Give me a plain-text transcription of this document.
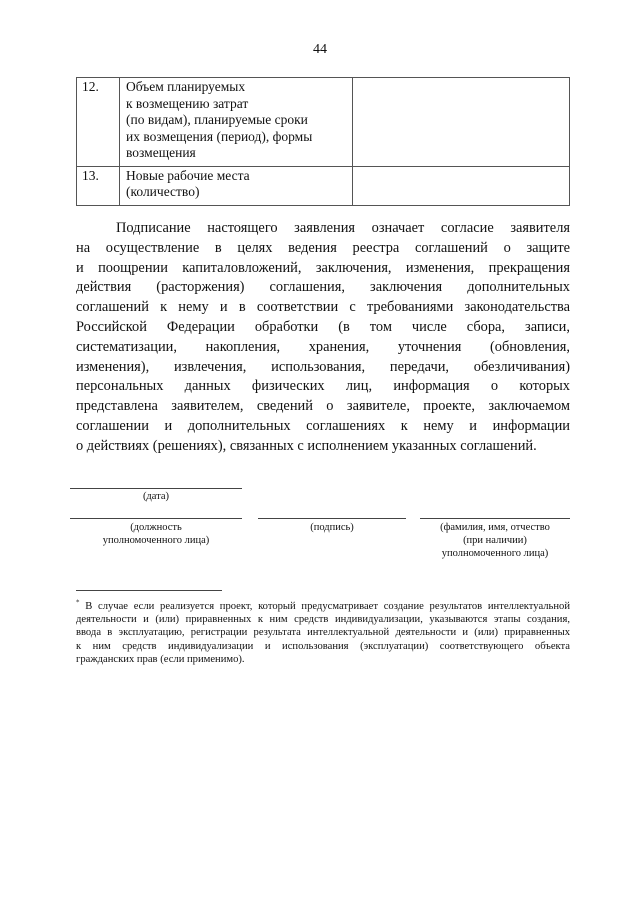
44
12.	Объем планируемых
к возмещению затрат
(по видам), планируемые сроки
их возмещения (период), формы
возмещения	

13.	Новые рабочие места
(количество)	

Подписание настоящего заявления означает согласие заявителя
на осуществление в целях ведения реестра соглашений о защите
и поощрении капиталовложений, заключения, изменения, прекращения
действия (расторжения) соглашения, заключения дополнительных
соглашений к нему и в соответствии с требованиями законодательства
Российской Федерации обработки (в том числе сбора, записи,
систематизации, накопления, хранения, уточнения (обновления,
изменения), извлечения, использования, передачи, обезличивания)
персональных данных физических лиц, информация о которых
представлена заявителем, сведений о заявителе, проекте, заключаемом
соглашении и дополнительных соглашениях к нему и информации
о действиях (решениях), связанных с исполнением указанных соглашений.
(дата)
(должность
уполномоченного лица)
(подпись)	(фамилия, имя, отчество
(при наличии)
уполномоченного лица)
* В случае если реализуется проект, который предусматривает создание результатов интеллектуальной
деятельности и (или) приравненных к ним средств индивидуализации, указываются этапы создания,
ввода в эксплуатацию, регистрации результата интеллектуальной деятельности и (или) приравненных
к ним средств индивидуализации и использования (эксплуатации) соответствующего объекта
гражданских прав (если применимо).
